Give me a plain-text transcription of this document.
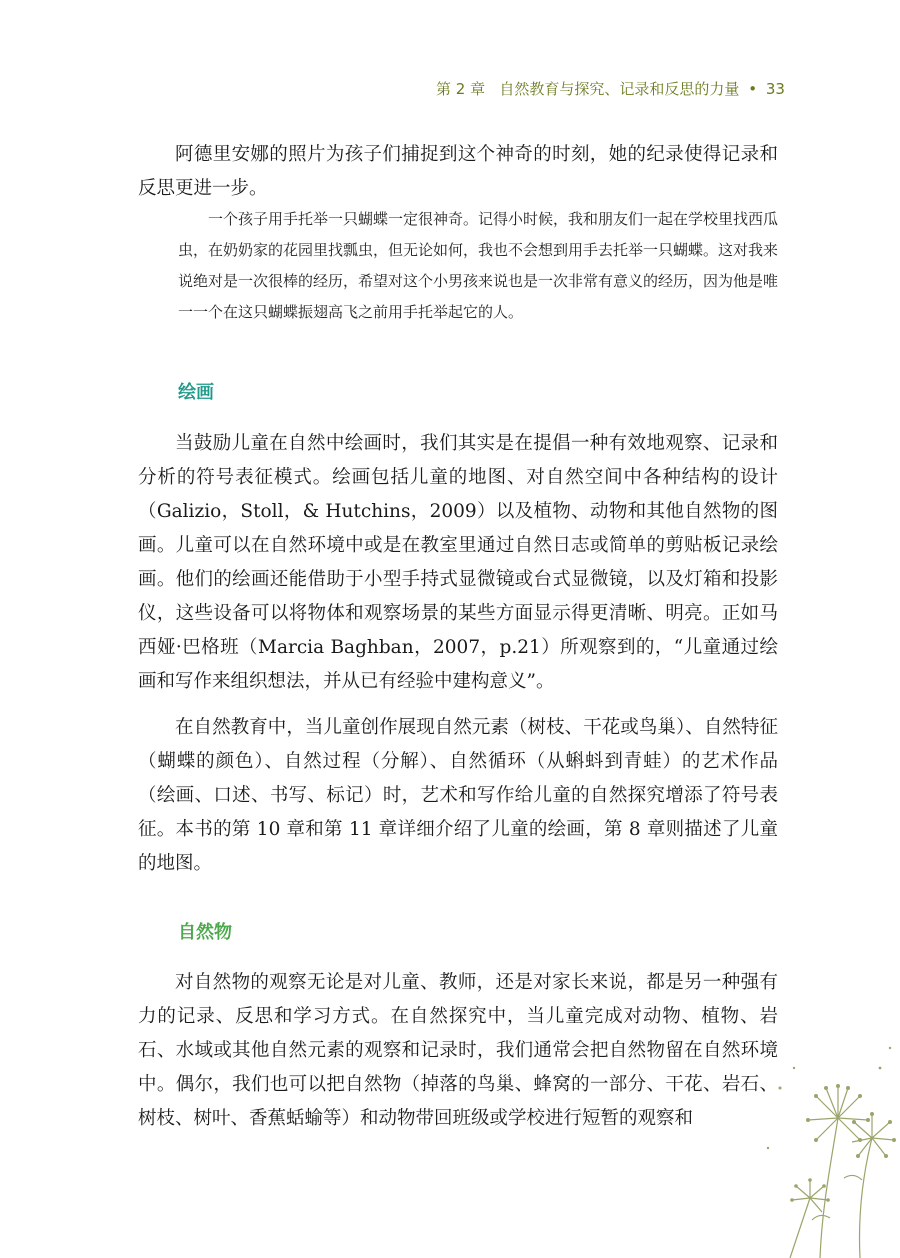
第 2 章 自然教育与探究、记录和反思的力量 • 33

阿德里安娜的照片为孩子们捕捉到这个神奇的时刻，她的纪录使得记录和反思更进一步。

一个孩子用手托举一只蝴蝶一定很神奇。记得小时候，我和朋友们一起在学校里找西瓜虫，在奶奶家的花园里找瓢虫，但无论如何，我也不会想到用手去托举一只蝴蝶。这对我来说绝对是一次很棒的经历，希望对这个小男孩来说也是一次非常有意义的经历，因为他是唯一一个在这只蝴蝶振翅高飞之前用手托举起它的人。

绘画

当鼓励儿童在自然中绘画时，我们其实是在提倡一种有效地观察、记录和分析的符号表征模式。绘画包括儿童的地图、对自然空间中各种结构的设计（Galizio，Stoll，& Hutchins，2009）以及植物、动物和其他自然物的图画。儿童可以在自然环境中或是在教室里通过自然日志或简单的剪贴板记录绘画。他们的绘画还能借助于小型手持式显微镜或台式显微镜，以及灯箱和投影仪，这些设备可以将物体和观察场景的某些方面显示得更清晰、明亮。正如马西娅·巴格班（Marcia Baghban，2007，p.21）所观察到的，“儿童通过绘画和写作来组织想法，并从已有经验中建构意义”。

在自然教育中，当儿童创作展现自然元素（树枝、干花或鸟巢）、自然特征（蝴蝶的颜色）、自然过程（分解）、自然循环（从蝌蚪到青蛙）的艺术作品（绘画、口述、书写、标记）时，艺术和写作给儿童的自然探究增添了符号表征。本书的第 10 章和第 11 章详细介绍了儿童的绘画，第 8 章则描述了儿童的地图。

自然物

对自然物的观察无论是对儿童、教师，还是对家长来说，都是另一种强有力的记录、反思和学习方式。在自然探究中，当儿童完成对动物、植物、岩石、水域或其他自然元素的观察和记录时，我们通常会把自然物留在自然环境中。偶尔，我们也可以把自然物（掉落的鸟巢、蜂窝的一部分、干花、岩石、树枝、树叶、香蕉蛞蝓等）和动物带回班级或学校进行短暂的观察和
